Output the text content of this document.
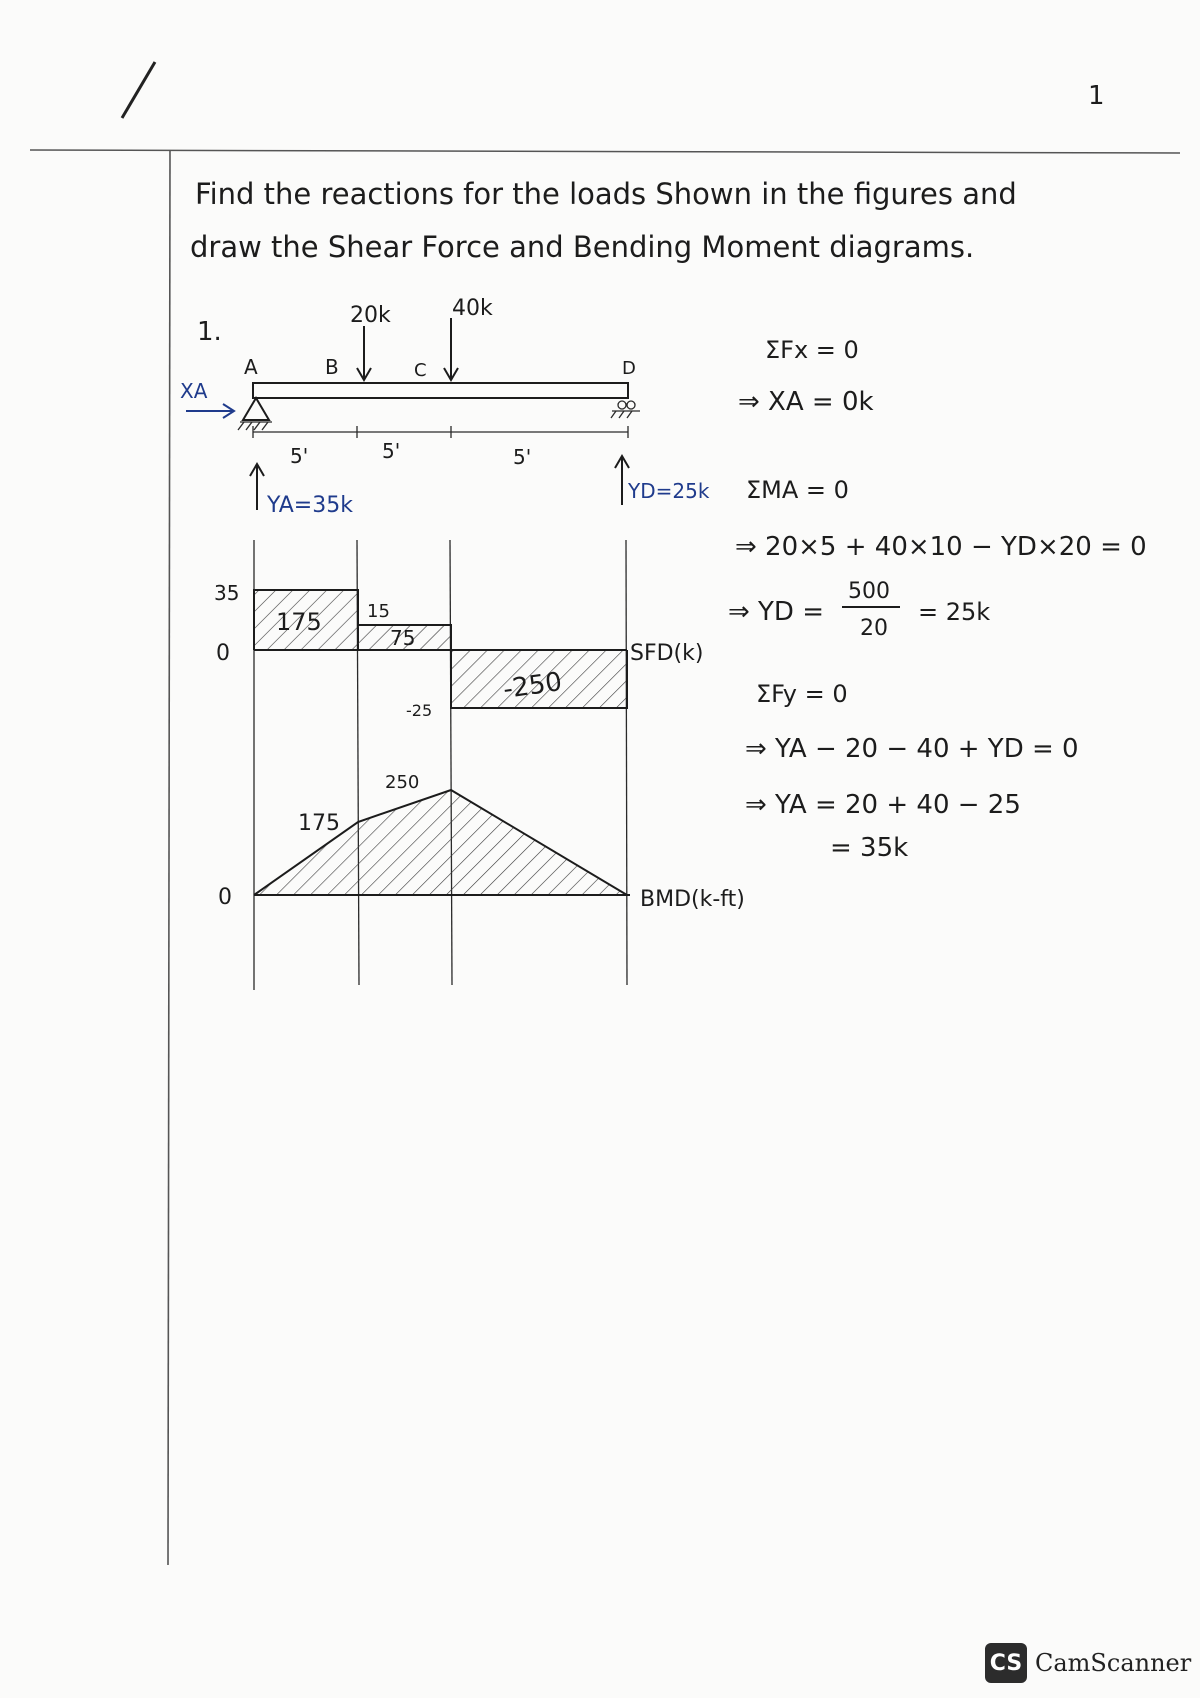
1
Find the reactions for the loads Shown in the figures and
draw the Shear Force and Bending Moment diagrams.
1.
20k	40k
A	B	C	D
XA
5'	5'	5'
YA=35k
YD=25k
35
0
175	15
75
-250
-25
SFD(k)
0
175
250
BMD(k-ft)
ΣFx = 0
⇒ XA = 0k
ΣMA = 0
⇒ 20×5 + 40×10 − YD×20 = 0
⇒ YD =
500
20
= 25k
ΣFy = 0
⇒ YA − 20 − 40 + YD = 0
⇒ YA = 20 + 40 − 25
= 35k
CS CamScanner
